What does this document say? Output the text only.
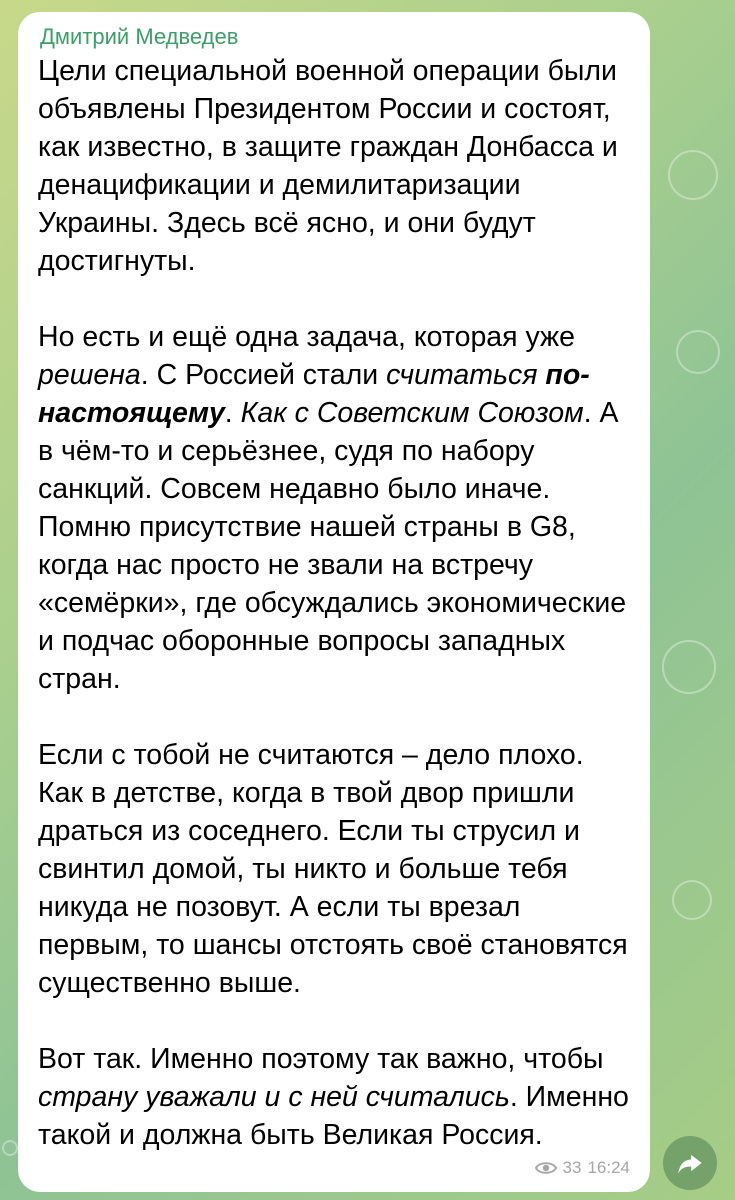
Дмитрий Медведев

Цели специальной военной операции были объявлены Президентом России и состоят, как известно, в защите граждан Донбасса и денацификации и демилитаризации Украины. Здесь всё ясно, и они будут достигнуты.

Но есть и ещё одна задача, которая уже решена. С Россией стали считаться по-настоящему. Как с Советским Союзом. А в чём-то и серьёзнее, судя по набору санкций. Совсем недавно было иначе. Помню присутствие нашей страны в G8, когда нас просто не звали на встречу «семёрки», где обсуждались экономические и подчас оборонные вопросы западных стран.

Если с тобой не считаются – дело плохо. Как в детстве, когда в твой двор пришли драться из соседнего. Если ты струсил и свинтил домой, ты никто и больше тебя никуда не позовут. А если ты врезал первым, то шансы отстоять своё становятся существенно выше.

Вот так. Именно поэтому так важно, чтобы страну уважали и с ней считались. Именно такой и должна быть Великая Россия.

33 16:24
